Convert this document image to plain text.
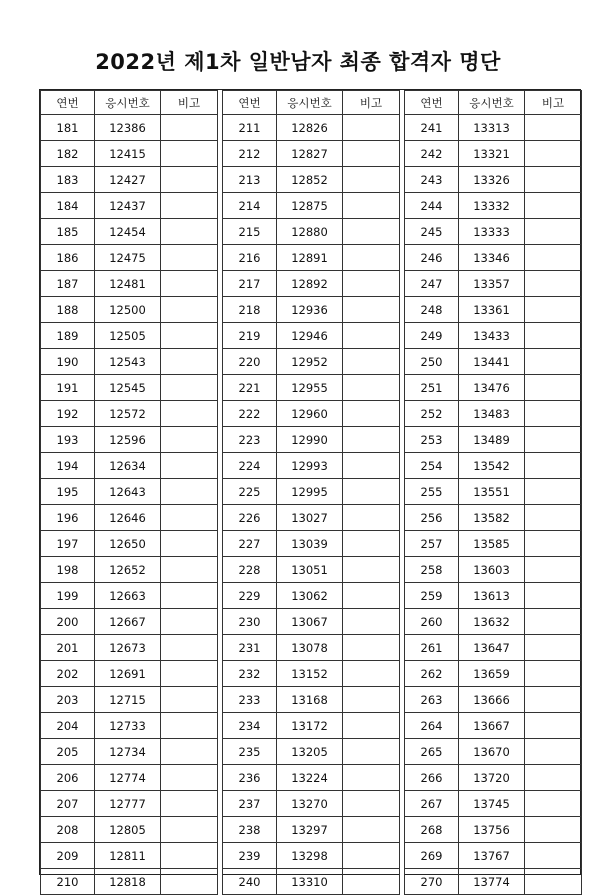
2022년 제1차 일반남자 최종 합격자 명단
연번	응시번호	비고		연번	응시번호	비고		연번	응시번호	비고
181	12386			211	12826			241	13313	
182	12415			212	12827			242	13321	
183	12427			213	12852			243	13326	
184	12437			214	12875			244	13332	
185	12454			215	12880			245	13333	
186	12475			216	12891			246	13346	
187	12481			217	12892			247	13357	
188	12500			218	12936			248	13361	
189	12505			219	12946			249	13433	
190	12543			220	12952			250	13441	
191	12545			221	12955			251	13476	
192	12572			222	12960			252	13483	
193	12596			223	12990			253	13489	
194	12634			224	12993			254	13542	
195	12643			225	12995			255	13551	
196	12646			226	13027			256	13582	
197	12650			227	13039			257	13585	
198	12652			228	13051			258	13603	
199	12663			229	13062			259	13613	
200	12667			230	13067			260	13632	
201	12673			231	13078			261	13647	
202	12691			232	13152			262	13659	
203	12715			233	13168			263	13666	
204	12733			234	13172			264	13667	
205	12734			235	13205			265	13670	
206	12774			236	13224			266	13720	
207	12777			237	13270			267	13745	
208	12805			238	13297			268	13756	
209	12811			239	13298			269	13767	
210	12818			240	13310			270	13774	
